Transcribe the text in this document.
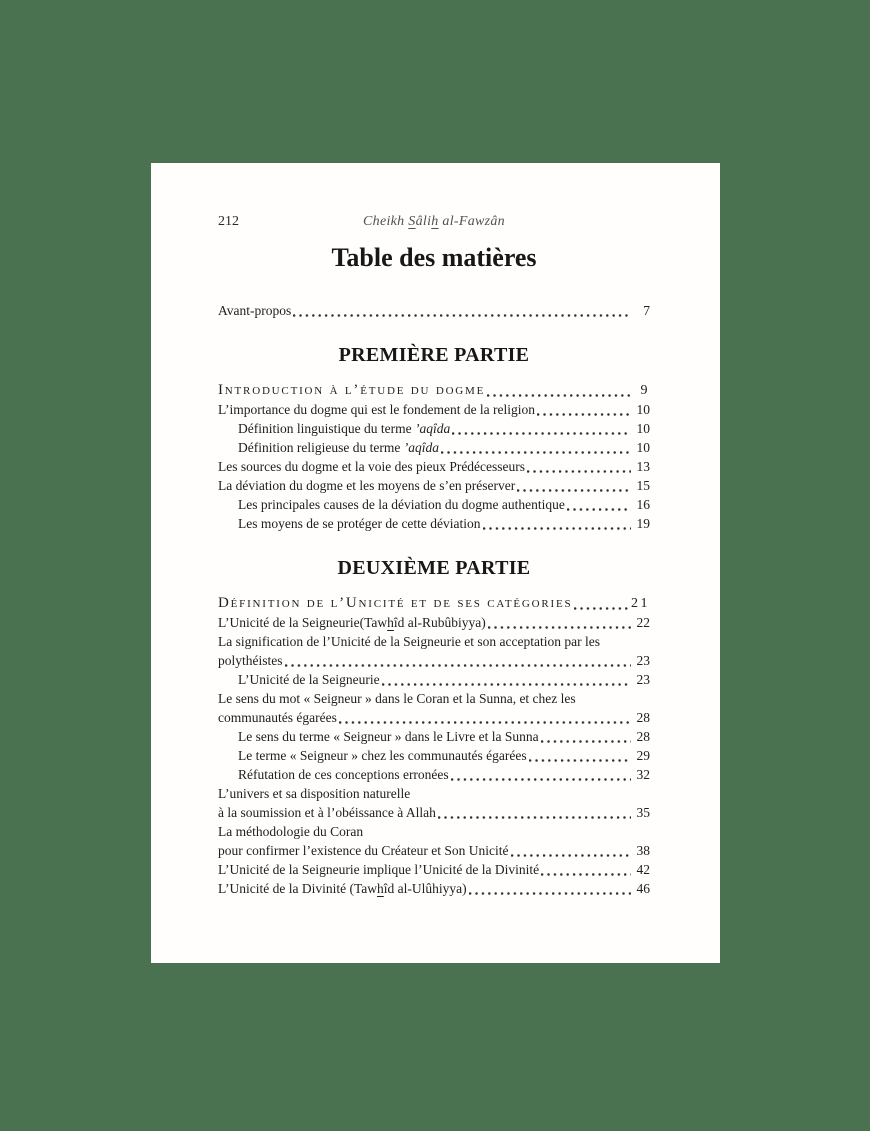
212	Cheikh Sâlih al-Fawzân
Table des matières
Avant-propos	7
PREMIÈRE PARTIE
Introduction à l’étude du dogme	9
L’importance du dogme qui est le fondement de la religion	10
Définition linguistique du terme ’aqîda	10
Définition religieuse du terme ’aqîda	10
Les sources du dogme et la voie des pieux Prédécesseurs	13
La déviation du dogme et les moyens de s’en préserver	15
Les principales causes de la déviation du dogme authentique	16
Les moyens de se protéger de cette déviation	19
DEUXIÈME PARTIE
Définition de l’Unicité et de ses catégories	21
L’Unicité de la Seigneurie(Tawhîd al-Rubûbiyya)	22
La signification de l’Unicité de la Seigneurie et son acceptation par les
polythéistes	23
L’Unicité de la Seigneurie	23
Le sens du mot « Seigneur » dans le Coran et la Sunna, et chez les
communautés égarées	28
Le sens du terme « Seigneur » dans le Livre et la Sunna	28
Le terme « Seigneur » chez les communautés égarées	29
Réfutation de ces conceptions erronées	32
L’univers et sa disposition naturelle
à la soumission et à l’obéissance à Allah	35
La méthodologie du Coran
pour confirmer l’existence du Créateur et Son Unicité	38
L’Unicité de la Seigneurie implique l’Unicité de la Divinité	42
L’Unicité de la Divinité (Tawhîd al-Ulûhiyya)	46
